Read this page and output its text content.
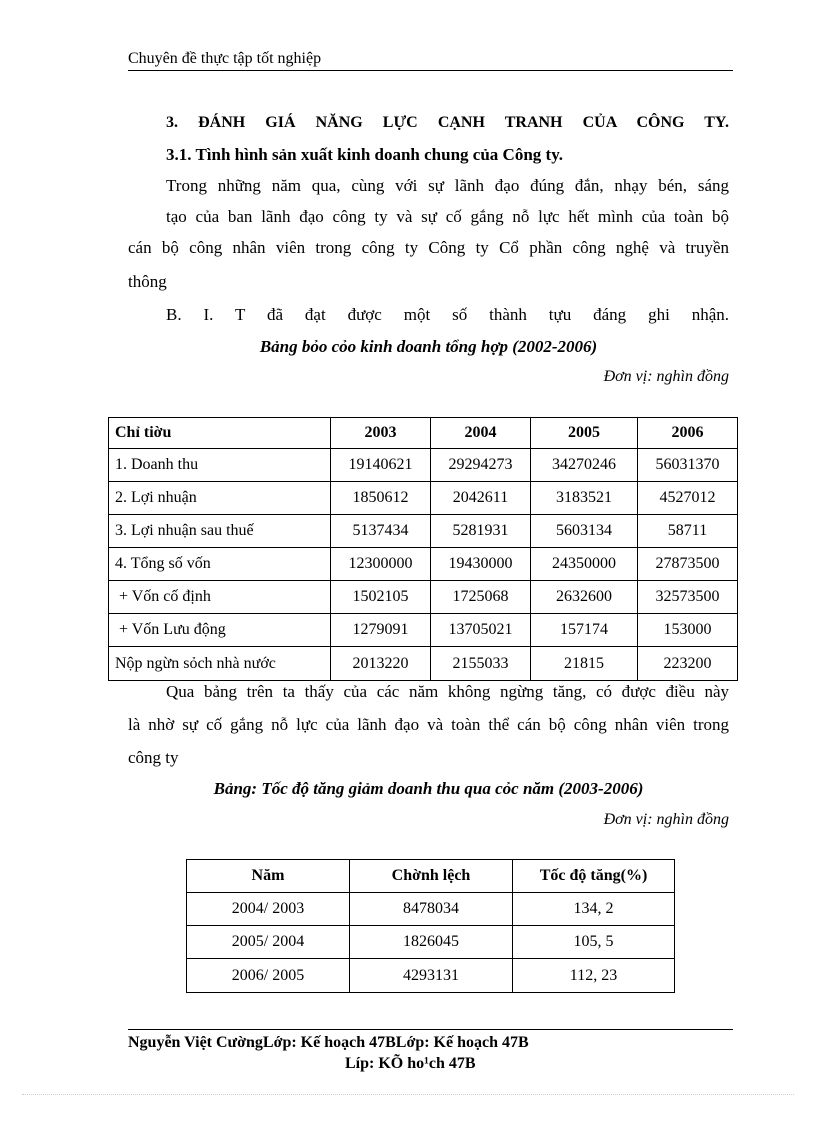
Chuyên đề thực tập tốt nghiệp
3. ĐÁNH GIÁ NĂNG LỰC CẠNH TRANH CỦA CÔNG TY.
3.1. Tình hình sản xuất kinh doanh chung của Công ty.
Trong những năm qua, cùng với sự lãnh đạo đúng đắn, nhạy bén, sáng
tạo của ban lãnh đạo công ty và sự cố gắng nỗ lực hết mình của toàn bộ
cán bộ công nhân viên trong công ty Công ty Cổ phần công nghệ và truyền
thông
B. I. T đã đạt được một số thành tựu đáng ghi nhận.
Bảng bỏo cỏo kinh doanh tổng hợp (2002-2006)
Đơn vị: nghìn đồng
Chỉ tiờu	2003	2004	2005	2006
1. Doanh thu	19140621	29294273	34270246	56031370
2. Lợi nhuận	1850612	2042611	3183521	4527012
3. Lợi nhuận sau thuế	5137434	5281931	5603134	58711
4. Tổng số vốn	12300000	19430000	24350000	27873500
+ Vốn cố định	1502105	1725068	2632600	32573500
+ Vốn Lưu động	1279091	13705021	157174	153000
Nộp ngừn sỏch nhà nước	2013220	2155033	21815	223200
Qua bảng trên ta thấy của các năm không ngừng tăng, có được điều này
là nhờ sự cố gắng nỗ lực của lãnh đạo và toàn thể cán bộ công nhân viên trong
công ty
Bảng: Tốc độ tăng giảm doanh thu qua cỏc năm (2003-2006)
Đơn vị: nghìn đồng
Năm	Chờnh lệch	Tốc độ tăng(%)
2004/ 2003	8478034	134, 2
2005/ 2004	1826045	105, 5
2006/ 2005	4293131	112, 23
Nguyễn Việt CườngLớp: Kế hoạch 47BLớp: Kế hoạch 47B
Líp: KÕ ho¹ch 47B
